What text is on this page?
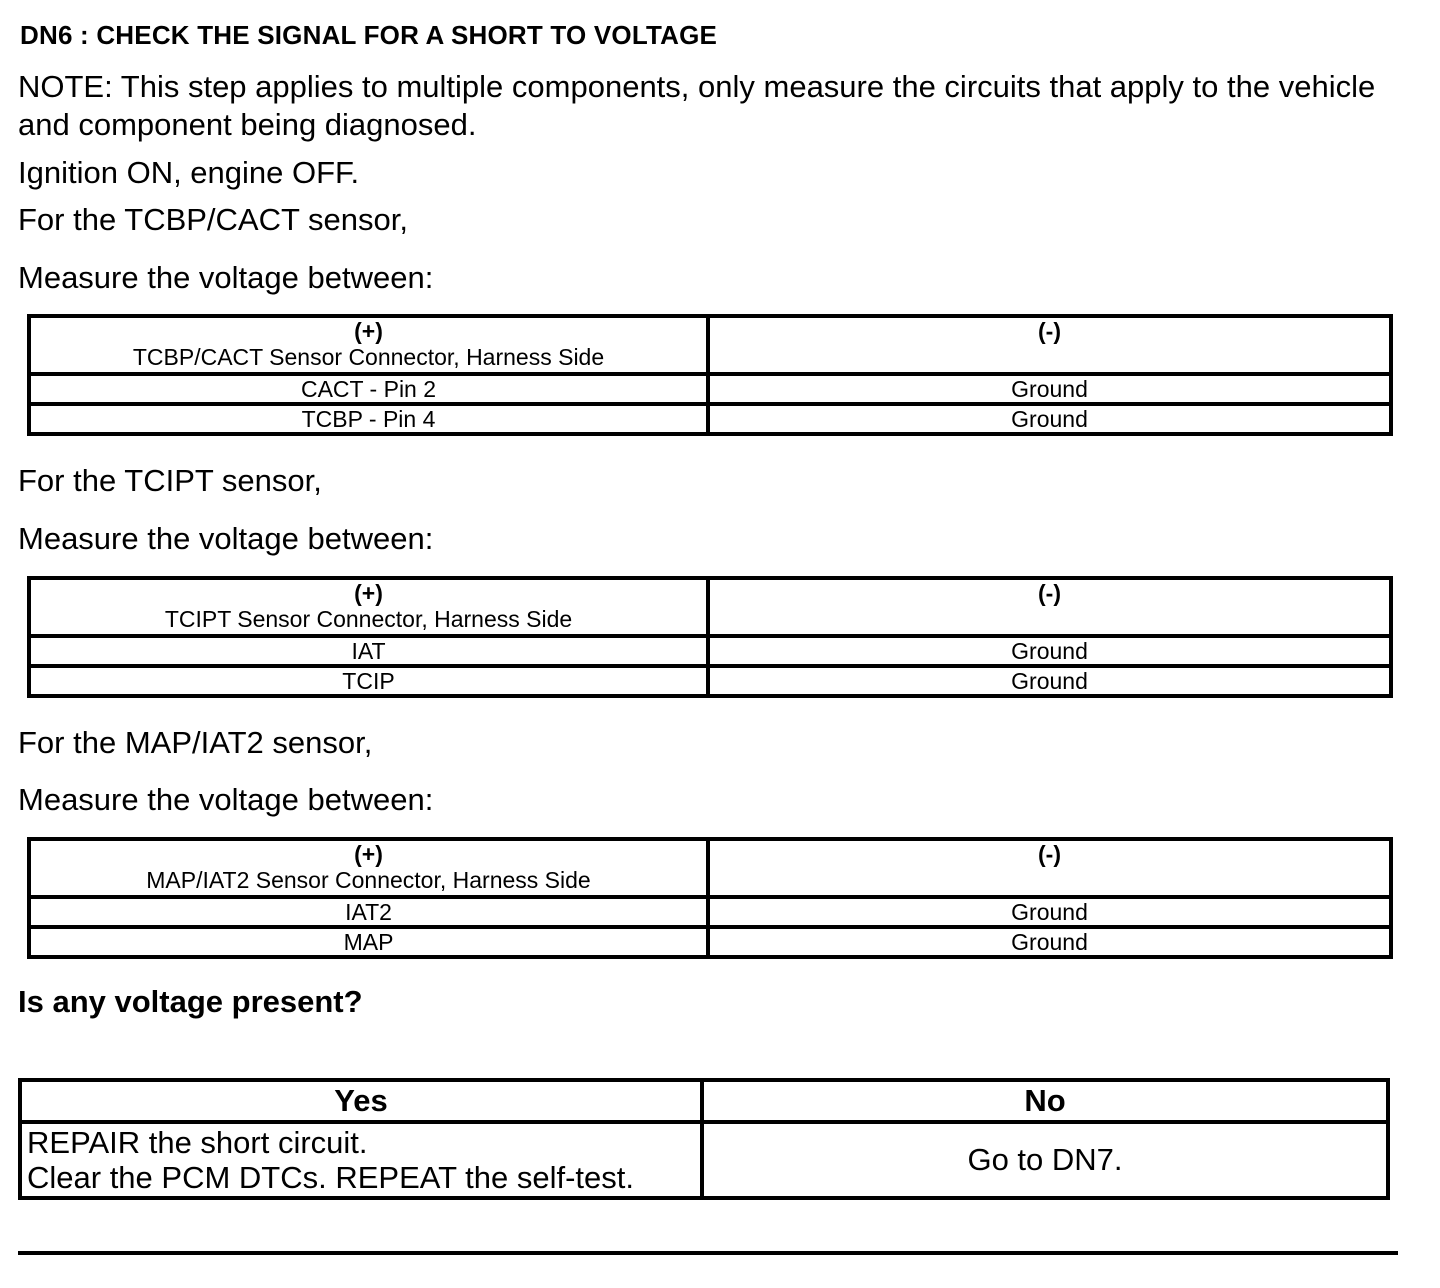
DN6 : CHECK THE SIGNAL FOR A SHORT TO VOLTAGE
NOTE: This step applies to multiple components, only measure the circuits that apply to the vehicle and component being diagnosed.
Ignition ON, engine OFF.
For the TCBP/CACT sensor,
Measure the voltage between:
(+)
TCBP/CACT Sensor Connector, Harness Side	(-)
CACT - Pin 2	Ground
TCBP - Pin 4	Ground
For the TCIPT sensor,
Measure the voltage between:
(+)
TCIPT Sensor Connector, Harness Side	(-)
IAT	Ground
TCIP	Ground
For the MAP/IAT2 sensor,
Measure the voltage between:
(+)
MAP/IAT2 Sensor Connector, Harness Side	(-)
IAT2	Ground
MAP	Ground
Is any voltage present?
Yes	No

REPAIR the short circuit.
Clear the PCM DTCs. REPEAT the self-test.	Go to DN7.
